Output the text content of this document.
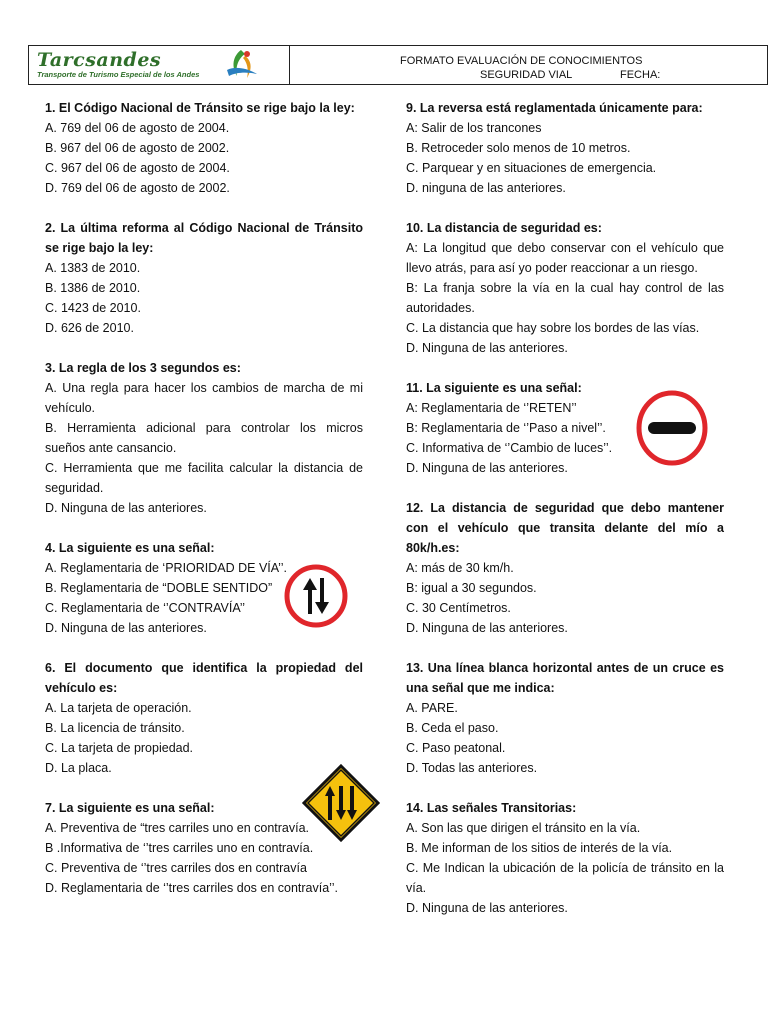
Tarcsandes
Transporte de Turismo Especial de los Andes
FORMATO EVALUACIÓN DE CONOCIMIENTOS
SEGURIDAD VIAL	FECHA:
1. El Código Nacional de Tránsito se rige bajo la ley:
A. 769 del 06 de agosto de 2004.
B. 967 del 06 de agosto de 2002.
C. 967 del 06 de agosto de 2004.
D. 769 del 06 de agosto de 2002.
2. La última reforma al Código Nacional de Tránsito se rige bajo la ley:
A. 1383 de 2010.
B. 1386 de 2010.
C. 1423 de 2010.
D. 626 de 2010.
3. La regla de los 3 segundos es:
A. Una regla para hacer los cambios de marcha de mi vehículo.
B. Herramienta adicional para controlar los micros sueños ante cansancio.
C. Herramienta que me facilita calcular la distancia de seguridad.
D. Ninguna de las anteriores.
4. La siguiente es una señal:
A. Reglamentaria de ‘PRIORIDAD DE VÍA’’.
B. Reglamentaria de “DOBLE SENTIDO”
C. Reglamentaria de ‘’CONTRAVÍA’’
D. Ninguna de las anteriores.
6. El documento que identifica la propiedad del vehículo es:
A. La tarjeta de operación.
B. La licencia de tránsito.
C. La tarjeta de propiedad.
D. La placa.
7. La siguiente es una señal:
A. Preventiva de “tres carriles uno en contravía.
B .Informativa de ‘’tres carriles uno en contravía.
C. Preventiva de ‘’tres carriles dos en contravía
D. Reglamentaria de ‘’tres carriles dos en contravía’’.
9. La reversa está reglamentada únicamente para:
A: Salir de los trancones
B. Retroceder solo menos de 10 metros.
C. Parquear y en situaciones de emergencia.
D. ninguna de las anteriores.
10. La distancia de seguridad es:
A: La longitud que debo conservar con el vehículo que llevo atrás, para así yo poder reaccionar a un riesgo.
B: La franja sobre la vía en la cual hay control de las autoridades.
C. La distancia que hay sobre los bordes de las vías.
D. Ninguna de las anteriores.
11. La siguiente es una señal:
A: Reglamentaria de ‘’RETEN’’
B: Reglamentaria de ‘’Paso a nivel’’.
C. Informativa de ‘’Cambio de luces’’.
D. Ninguna de las anteriores.
12. La distancia de seguridad que debo mantener con el vehículo que transita delante del mío a 80k/h.es:
A: más de 30 km/h.
B: igual a 30 segundos.
C. 30 Centímetros.
D. Ninguna de las anteriores.
13. Una línea blanca horizontal antes de un cruce es una señal que me indica:
A. PARE.
B. Ceda el paso.
C. Paso peatonal.
D. Todas las anteriores.
14. Las señales Transitorias:
A. Son las que dirigen el tránsito en la vía.
B. Me informan de los sitios de interés de la vía.
C. Me Indican la ubicación de la policía de tránsito en la vía.
D. Ninguna de las anteriores.
